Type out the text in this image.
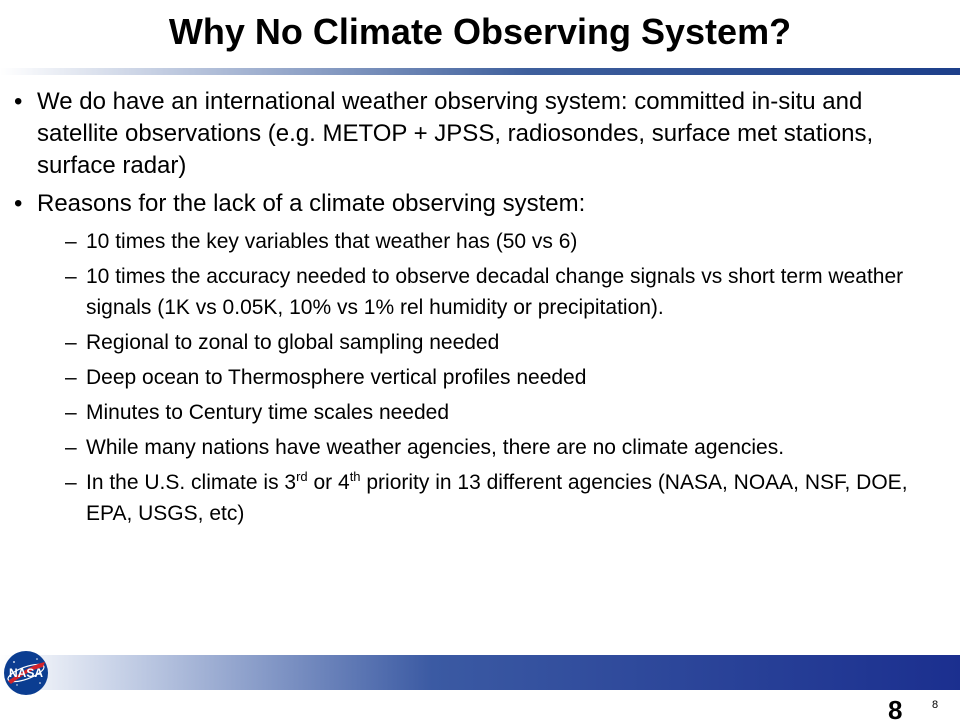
Why No Climate Observing System?

• We do have an international weather observing system: committed in-situ and satellite observations (e.g. METOP + JPSS, radiosondes, surface met stations, surface radar)

• Reasons for the lack of a climate observing system:

– 10 times the key variables that weather has (50 vs 6)

– 10 times the accuracy needed to observe decadal change signals vs short term weather signals (1K vs 0.05K, 10% vs 1% rel humidity or precipitation).

– Regional to zonal to global sampling needed

– Deep ocean to Thermosphere vertical profiles needed

– Minutes to Century time scales needed

– While many nations have weather agencies, there are no climate agencies.

– In the U.S. climate is 3rd or 4th priority in 13 different agencies (NASA, NOAA, NSF, DOE, EPA, USGS, etc)

NASA
8	8
